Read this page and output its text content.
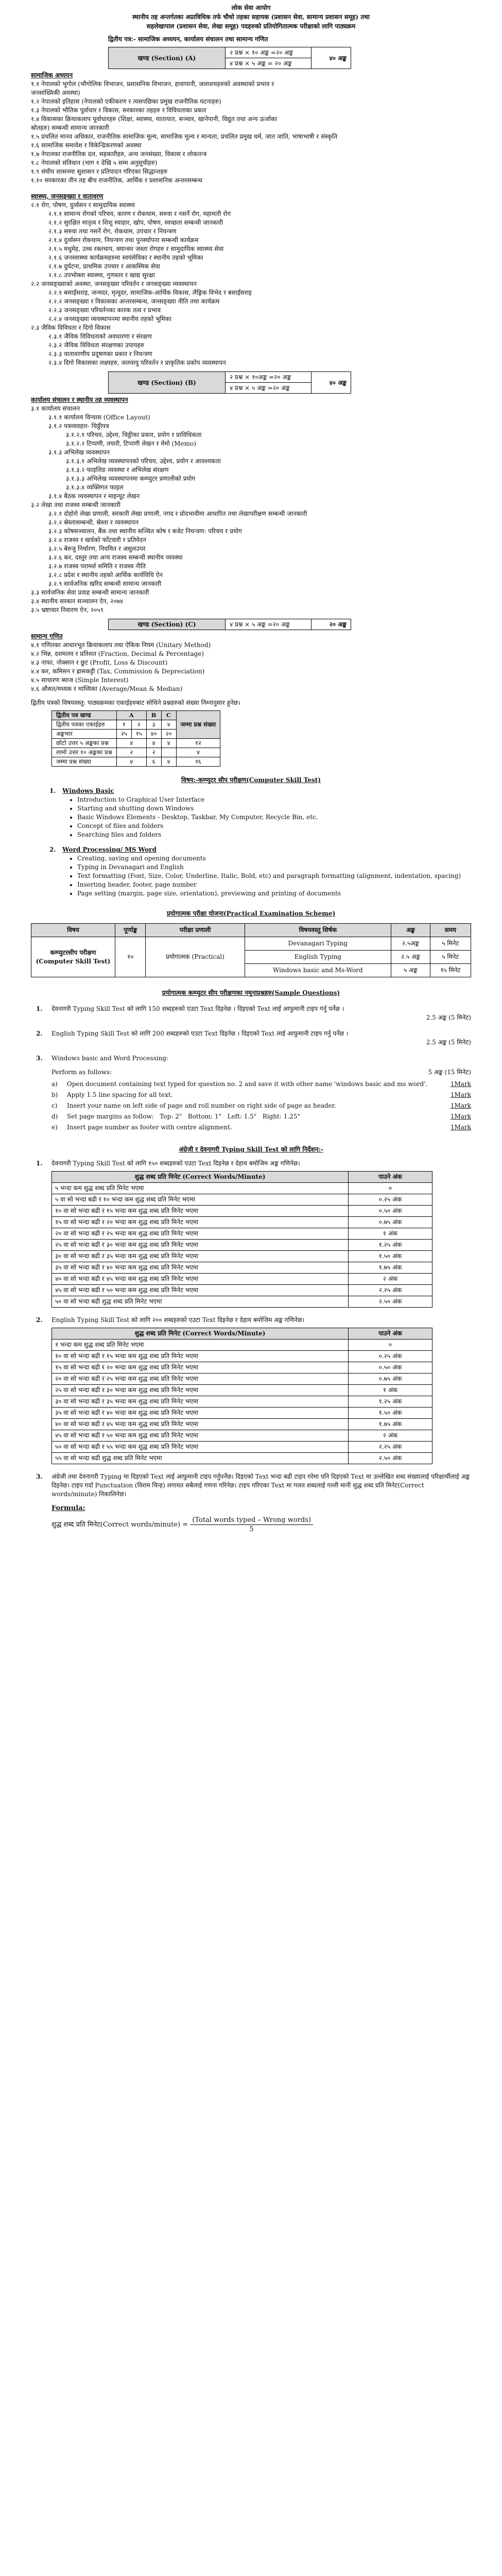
लोक सेवा आयोग
स्थानीय तह अन्तर्गतका अप्राविधिक तर्फ चौथो तहका सहायक (प्रशासन सेवा, सामान्य प्रशासन समूह) तथा
सहलेखापाल (प्रशासन सेवा, लेखा समूह) पदहरुको प्रतियोगितात्मक परीक्षाको लागि पाठ्यक्रम
द्वितीय पत्र:- सामाजिक अध्ययन, कार्यालय संचालन तथा सामान्य गणित
खण्ड (Section) (A)	२ प्रश्न × १० अङ्क =२० अङ्क	४० अङ्क
४ प्रश्न × ५ अङ्क = २० अङ्क
सामाजिक अध्ययन
१.१ नेपालको भूगोल (भौगोलिक विभाजन, प्रशासनिक विभाजन, हावापानी, जलाशयहरुको अवस्थाको प्रभाव र
जनसांख्यिकी अवस्था)
१.२ नेपालको इतिहास (नेपालको एकीकरण र त्यसपछिका प्रमुख राजनीतिक घटनाहरु)
१.३ नेपालको भौतिक पूर्वाधार र विकास, सरकारका तहहरु र विविधताका प्रकार
१.४ विकासका क्रियाकलाप पूर्वाधारहरु (शिक्षा, स्वास्थ्य, यातायात, सञ्चार, खानेपानी, विद्युत तथा अन्य ऊर्जाका
स्रोतहरु) सम्बन्धी सामान्य जानकारी
१.५ प्रचलित मानव अधिकार, राजनीतिक सामाजिक मूल्य, सामाजिक मूल्य र मान्यता, प्रचलित प्रमुख धर्म, जात जाति, भाषाभाषी र संस्कृति
१.६ सामाजिक समावेश र विकेन्द्रिकरणको अवस्था
१.७ नेपालका राजनीतिक दल, सहकारीहरु, अन्य जनसंख्या, विकास र लोकतन्त्र
१.८ नेपालको संविधान (भाग १ देखि ५ सम्म अनुसूचीहरु)
१.९ संघीय शासनमा सुशासन र प्रतिपादन गरिएका सिद्धान्तहरु
१.१० सरकारका तीन तह बीच राजनीतिक, आर्थिक र प्रशासनिक अन्तरसम्बन्ध
स्वास्थ्य, जनसङ्ख्या र वातावरण
२.१ रोग, पोषण, दुर्व्यसन र सामुदायिक स्वास्थ्य
२.१.१ सामान्य रोगको परिचय, कारण र रोकथाम, सरुवा र नसर्ने रोग, महामारी रोग
२.१.२ सुरक्षित मातृत्व र शिशु स्याहार, खोप, पोषण, स्वच्छता सम्बन्धी जानकारी
२.१.३ सरुवा तथा नसर्ने रोग, रोकथाम, उपचार र नियन्त्रण
२.१.४ दुर्व्यसन रोकथाम, नियन्त्रण तथा पुनर्स्थापना सम्बन्धी कार्यक्रम
२.१.५ मधुमेह, उच्च रक्तचाप, क्यान्सर जस्ता रोगहरु र सामुदायिक स्वास्थ्य सेवा
२.१.६ जनस्वास्थ्य कार्यक्रमहरुमा स्वयंसेविका र स्थानीय तहको भूमिका
२.१.७ दुर्घटना, प्राथमिक उपचार र आकस्मिक सेवा
२.१.८ उपभोक्ता स्वास्थ्य, गुणस्तर र खाद्य सुरक्षा
२.२ जनसङ्ख्याको अवस्था, जनसङ्ख्या परिवर्तन र जनसङ्ख्या व्यवस्थापन
२.२.१ बसाइँसराइ, जन्मदर, मृत्युदर, सामाजिक-आर्थिक विकास, लैङ्गिक विभेद र बसाइँसराइ
२.२.२ जनसङ्ख्या र विकासका अन्तरसम्बन्ध, जनसङ्ख्या नीति तथा कार्यक्रम
२.२.३ जनसङ्ख्या परिवर्तनका कारक तत्व र प्रभाव
२.२.४ जनसङ्ख्या व्यवस्थापनमा स्थानीय तहको भूमिका
२.३ जैविक विविधता र दिगो विकास
२.३.१ जैविक विविधताको अवधारणा र संरक्षण
२.३.२ जैविक विविधता संरक्षणका उपायहरु
२.३.३ वातावरणीय प्रदूषणका प्रकार र नियन्त्रण
२.३.४ दिगो विकासका लक्ष्यहरु, जलवायु परिवर्तन र प्राकृतिक प्रकोप व्यवस्थापन
खण्ड (Section) (B)	२ प्रश्न × १०अङ्क =२० अङ्क	४० अङ्क
४ प्रश्न × ५ अङ्क =२० अङ्क
कार्यालय संचालन र स्थानीय तह व्यवस्थापन
३.१ कार्यालय संचालन
३.१.१ कार्यालय विन्यास (Office Layout)
३.१.२ पत्रव्यवहार- चिठ्ठीपत्र
३.१.२.१ परिचय, उद्देश्य, चिठ्ठीका प्रकार, प्रयोग र प्राविधिकता
३.१.२.२ टिप्पणी, तयारी, टिप्पणी लेखन र मेमो (Memo)
३.१.३ अभिलेख व्यवस्थापन
३.१.३.१ अभिलेख व्यवस्थापनको परिचय, उद्देश्य, प्रयोग र आवश्यकता
३.१.३.२ फाइलिङ व्यवस्था र अभिलेख संरक्षण
३.१.३.३ अभिलेख व्यवस्थापनमा कम्प्युटर प्रणालीको प्रयोग
३.१.३.४ व्यक्तिगत फाइल
३.१.४ बैठक व्यवस्थापन र माइन्यूट लेखन
३.२ लेखा तथा राजस्व सम्बन्धी जानकारी
३.२.१ दोहोरो लेखा प्रणाली, सरकारी लेखा प्रणाली, नगद र प्रोदभावीमा आधारित तथा लेखापरीक्षण सम्बन्धी जानकारी
३.२.२ स्रेस्तासम्बन्धी, स्रेस्ता र व्यवस्थापन
३.२.३ कोषसञ्चालन, बैंक तथा स्थानीय सञ्चित कोष र बजेट नियन्त्रण: परिचय र प्रयोग
३.२.४ राजस्व र खर्चको फाँटवारी र प्रतिवेदन
३.२.५ बेरुजु निर्धारण, नियमित र असुलउपर
३.२.६ कर, दस्तुर तथा अन्य राजस्व सम्बन्धी स्थानीय व्यवस्था
३.२.७ राजस्व परामर्श समिति र राजस्व नीति
३.२.८ प्रदेश र स्थानीय तहको आर्थिक कार्यविधि ऐन
३.२.९ सार्वजनिक खरिद सम्बन्धी सामान्य जानकारी
३.३ सार्वजनिक सेवा प्रवाह सम्बन्धी सामान्य जानकारी
३.४ स्थानीय सरकार सञ्चालन ऐन, २०७४
३.५ भ्रष्टाचार निवारण ऐन, २०५९
खण्ड (Section) (C)	४ प्रश्न × ५ अङ्क =२० अङ्क	२० अङ्क
सामान्य गणित
४.१ गणितका आधारभूत क्रियाकलाप तथा ऐकिक नियम (Unitary Method)
४.२ भिन्न, दशमलव र प्रतिशत (Fraction, Decimal & Percentage)
४.३ नाफा, नोक्सान र छुट (Profit, Loss & Discount)
४.४ कर, कमिसन र ह्रासकट्टी (Tax, Commission & Depreciation)
४.५ साधारण ब्याज (Simple Interest)
४.६ औसत/मध्यक र माध्यिका (Average/Mean & Median)
द्वितीय पत्रको विषयवस्तु: पाठ्यक्रमका एकाईहरुबाट सोधिने प्रश्नहरुको संख्या निम्नानुसार हुनेछ।
द्वितीय पत्र खण्ड	A		B	C	जम्मा प्रश्न संख्या
द्वितीय पत्रका एकाईहरु	१	२	३	४	
अङ्कभार	२५	१५	४०	२०	
छोटो उत्तर ५ अङ्कका प्रश्न	४		४	४	१२
लामो उत्तर १० अङ्कका प्रश्न	२		२		४
जम्मा प्रश्न संख्या	४		६	४	१६
विषय:-कम्प्युटर सीप परीक्षण(Computer Skill Test)
1.   Windows Basic
• Introduction to Graphical User Interface
• Starting and shutting down Windows
• Basic Windows Elements - Desktop, Taskbar, My Computer, Recycle Bin, etc.
• Concept of files and folders
• Searching files and folders
2.   Word Processing/ MS Word
• Creating, saving and opening documents
• Typing in Devanagari and English
• Text formatting (Font, Size, Color, Underline, Italic, Bold, etc) and paragraph formatting (alignment, indentation, spacing)
• Inserting header, footer, page number
• Page setting (margin, page size, orientation), previewing and printing of documents
प्रयोगात्मक परीक्षा योजना(Practical Examination Scheme)
विषय	पूर्णाङ्क	परीक्षा प्रणाली	विषयवस्तु शिर्षक	अङ्क	समय
कम्प्युटरसीप परीक्षण (Computer Skill Test)	१०	प्रयोगात्मक (Practical)	Devanagari Typing	२.५अङ्क	५ मिनेट
			English Typing	२.५ अङ्क	५ मिनेट
			Windows basic and Ms-Word	५ अङ्क	१५ मिनेट
प्रयोगात्मक कम्प्युटर सीप परीक्षणका नमूनाप्रश्नहरु(Sample Questions)
1. देवनागरी Typing Skill Test को लागि 150 शब्दहरुको एउटा Text दिइनेछ । दिइएको Text लाई आफुमानी टाइप गर्नु पर्नेछ ।
2.5 अङ्क (5 मिनेट)
2. English Typing Skill Test को लागि 200 शब्दहरुको एउटा Text दिइनेछ । दिइएको Text लाई आफुमानी टाइप गर्नु पर्नेछ ।
2.5 अङ्क (5 मिनेट)
3. Windows basic and Word Processing:
Perform as follows:	5 अङ्क (15 मिनेट)
a)	Open document containing text typed for question no. 2 and save it with other name 'windows basic and ms word'.	1Mark
b)	Apply 1.5 line spacing for all text.	1Mark
c)	Insert your name on left side of page and roll number on right side of page as header.	1Mark
d)	Set page margins as follow:   Top: 2"   Bottom: 1"   Left: 1.5"   Right: 1.25"	1Mark
e)	Insert page number as footer with centre alignment.	1Mark
अंग्रेजी र देवनागरी Typing Skill Test को लागि निर्देशन:-
1. देवनागरी Typing Skill Test को लागि १५० शब्दहरुको एउटा Text दिइनेछ र देहाय बमोजिम अङ्क गणिनेछ।
शुद्ध शब्द प्रति मिनेट (Correct Words/Minute)	पाउने अंक
५ भन्दा कम शुद्ध शब्द प्रति मिनेट भएमा	०
५ वा सो भन्दा बढी र १० भन्दा कम शुद्ध शब्द प्रति मिनेट भएमा	०.२५ अंक
१० वा सो भन्दा बढी र १५ भन्दा कम शुद्ध शब्द प्रति मिनेट भएमा	०.५० अंक
१५ वा सो भन्दा बढी र २० भन्दा कम शुद्ध शब्द प्रति मिनेट भएमा	०.७५ अंक
२० वा सो भन्दा बढी र २५ भन्दा कम शुद्ध शब्द प्रति मिनेट भएमा	१ अंक
२५ वा सो भन्दा बढी र ३० भन्दा कम शुद्ध शब्द प्रति मिनेट भएमा	१.२५ अंक
३० वा सो भन्दा बढी र ३५ भन्दा कम शुद्ध शब्द प्रति मिनेट भएमा	१.५० अंक
३५ वा सो भन्दा बढी र ४० भन्दा कम शुद्ध शब्द प्रति मिनेट भएमा	१.७५ अंक
४० वा सो भन्दा बढी र ४५ भन्दा कम शुद्ध शब्द प्रति मिनेट भएमा	२ अंक
४५ वा सो भन्दा बढी र ५० भन्दा कम शुद्ध शब्द प्रति मिनेट भएमा	२.२५ अंक
५० वा सो भन्दा बढी शुद्ध शब्द प्रति मिनेट भएमा	२.५० अंक
2. English Typing Skill Test को लागि २०० शब्दहरुको एउटा Text दिइनेछ र देहाय बमोजिम अङ्क गणिनेछ।
शुद्ध शब्द प्रति मिनेट (Correct Words/Minute)	पाउने अंक
१ भन्दा कम शुद्ध शब्द प्रति मिनेट भएमा	०
१० वा सो भन्दा बढी र १५ भन्दा कम शुद्ध शब्द प्रति मिनेट भएमा	०.२५ अंक
१५ वा सो भन्दा बढी र २० भन्दा कम शुद्ध शब्द प्रति मिनेट भएमा	०.५० अंक
२० वा सो भन्दा बढी र २५ भन्दा कम शुद्ध शब्द प्रति मिनेट भएमा	०.७५ अंक
२५ वा सो भन्दा बढी र ३० भन्दा कम शुद्ध शब्द प्रति मिनेट भएमा	१ अंक
३० वा सो भन्दा बढी र ३५ भन्दा कम शुद्ध शब्द प्रति मिनेट भएमा	१.२५ अंक
३५ वा सो भन्दा बढी र ४० भन्दा कम शुद्ध शब्द प्रति मिनेट भएमा	१.५० अंक
४० वा सो भन्दा बढी र ४५ भन्दा कम शुद्ध शब्द प्रति मिनेट भएमा	१.७५ अंक
४५ वा सो भन्दा बढी र ५० भन्दा कम शुद्ध शब्द प्रति मिनेट भएमा	२ अंक
५० वा सो भन्दा बढी र ५५ भन्दा कम शुद्ध शब्द प्रति मिनेट भएमा	२.२५ अंक
५५ वा सो भन्दा बढी शुद्ध शब्द प्रति मिनेट भएमा	२.५० अंक
3. अंग्रेजी तथा देवनागरी Typing मा दिइएको Text लाई आफुमानी टाइप गर्नुपर्नेछ। दिइएको Text भन्दा बढी टाइप गरेमा पनि दिइएको Text मा उल्लेखित शब्द संख्यालाई परिक्षार्थीलाई अङ्क दिइनेछ। टाइप गर्दा Punctuation (विराम चिन्ह) लगायत सबैलाई गणना गरिनेछ। टाइप गरिएका Text मा गलत शब्दलाई गल्ती मानी शुद्ध शब्द प्रति मिनेट(Correct words/minute) निकालिनेछ।
Formula:
शुद्ध शब्द प्रति मिनेट(Correct words/minute) = $\frac{\text{(Total words typed – Wrong words)}}{5}$
